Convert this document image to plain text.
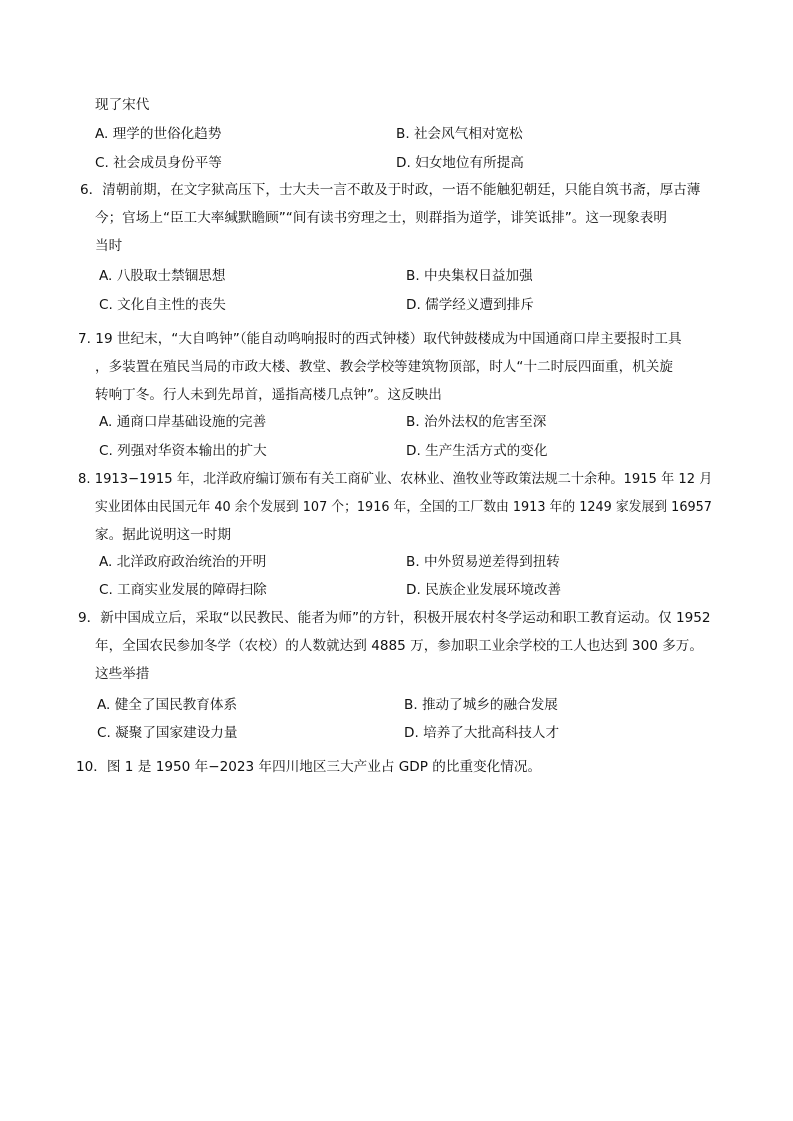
现了宋代
A. 理学的世俗化趋势	B. 社会风气相对宽松
C. 社会成员身份平等	D. 妇女地位有所提高
6．清朝前期，在文字狱高压下，士大夫一言不敢及于时政，一语不能触犯朝廷，只能自筑书斋，厚古薄
今；官场上“臣工大率缄默瞻顾”“间有读书穷理之士，则群指为道学，诽笑诋排”。这一现象表明
当时
A. 八股取士禁锢思想	B. 中央集权日益加强
C. 文化自主性的丧失	D. 儒学经义遭到排斥
7. 19 世纪末，“大自鸣钟”（能自动鸣响报时的西式钟楼）取代钟鼓楼成为中国通商口岸主要报时工具
，多装置在殖民当局的市政大楼、教堂、教会学校等建筑物顶部，时人“十二时辰四面重，机关旋
转响丁冬。行人未到先昂首，遥指高楼几点钟”。这反映出
A. 通商口岸基础设施的完善	B. 治外法权的危害至深
C. 列强对华资本输出的扩大	D. 生产生活方式的变化
8. 1913−1915 年，北洋政府编订颁布有关工商矿业、农林业、渔牧业等政策法规二十余种。1915 年 12 月
实业团体由民国元年 40 余个发展到 107 个；1916 年，全国的工厂数由 1913 年的 1249 家发展到 16957
家。据此说明这一时期
A. 北洋政府政治统治的开明	B. 中外贸易逆差得到扭转
C. 工商实业发展的障碍扫除	D. 民族企业发展环境改善
9．新中国成立后，采取“以民教民、能者为师”的方针，积极开展农村冬学运动和职工教育运动。仅 1952
年，全国农民参加冬学（农校）的人数就达到 4885 万，参加职工业余学校的工人也达到 300 多万。
这些举措
A. 健全了国民教育体系	B. 推动了城乡的融合发展
C. 凝聚了国家建设力量	D. 培养了大批高科技人才
10．图 1 是 1950 年−2023 年四川地区三大产业占 GDP 的比重变化情况。
